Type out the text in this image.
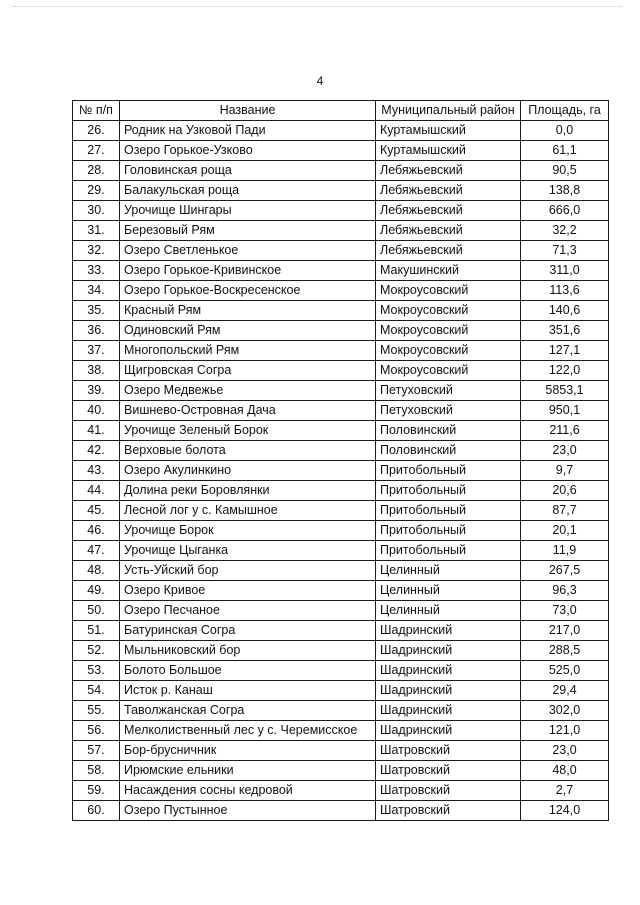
4
№ п/п	Название	Муниципальный район	Площадь, га
26.	Родник на Узковой Пади	Куртамышский	0,0
27.	Озеро Горькое-Узково	Куртамышский	61,1
28.	Головинская роща	Лебяжьевский	90,5
29.	Балакульская роща	Лебяжьевский	138,8
30.	Урочище Шингары	Лебяжьевский	666,0
31.	Березовый Рям	Лебяжьевский	32,2
32.	Озеро Светленькое	Лебяжьевский	71,3
33.	Озеро Горькое-Кривинское	Макушинский	311,0
34.	Озеро Горькое-Воскресенское	Мокроусовский	113,6
35.	Красный Рям	Мокроусовский	140,6
36.	Одиновский Рям	Мокроусовский	351,6
37.	Многопольский Рям	Мокроусовский	127,1
38.	Щигровская Согра	Мокроусовский	122,0
39.	Озеро Медвежье	Петуховский	5853,1
40.	Вишнево-Островная Дача	Петуховский	950,1
41.	Урочище Зеленый Борок	Половинский	211,6
42.	Верховые болота	Половинский	23,0
43.	Озеро Акулинкино	Притобольный	9,7
44.	Долина реки Боровлянки	Притобольный	20,6
45.	Лесной лог у с. Камышное	Притобольный	87,7
46.	Урочище Борок	Притобольный	20,1
47.	Урочище Цыганка	Притобольный	11,9
48.	Усть-Уйский бор	Целинный	267,5
49.	Озеро Кривое	Целинный	96,3
50.	Озеро Песчаное	Целинный	73,0
51.	Батуринская Согра	Шадринский	217,0
52.	Мыльниковский бор	Шадринский	288,5
53.	Болото Большое	Шадринский	525,0
54.	Исток р. Канаш	Шадринский	29,4
55.	Таволжанская Согра	Шадринский	302,0
56.	Мелколиственный лес у с. Черемисское	Шадринский	121,0
57.	Бор-брусничник	Шатровский	23,0
58.	Ирюмские ельники	Шатровский	48,0
59.	Насаждения сосны кедровой	Шатровский	2,7
60.	Озеро Пустынное	Шатровский	124,0
